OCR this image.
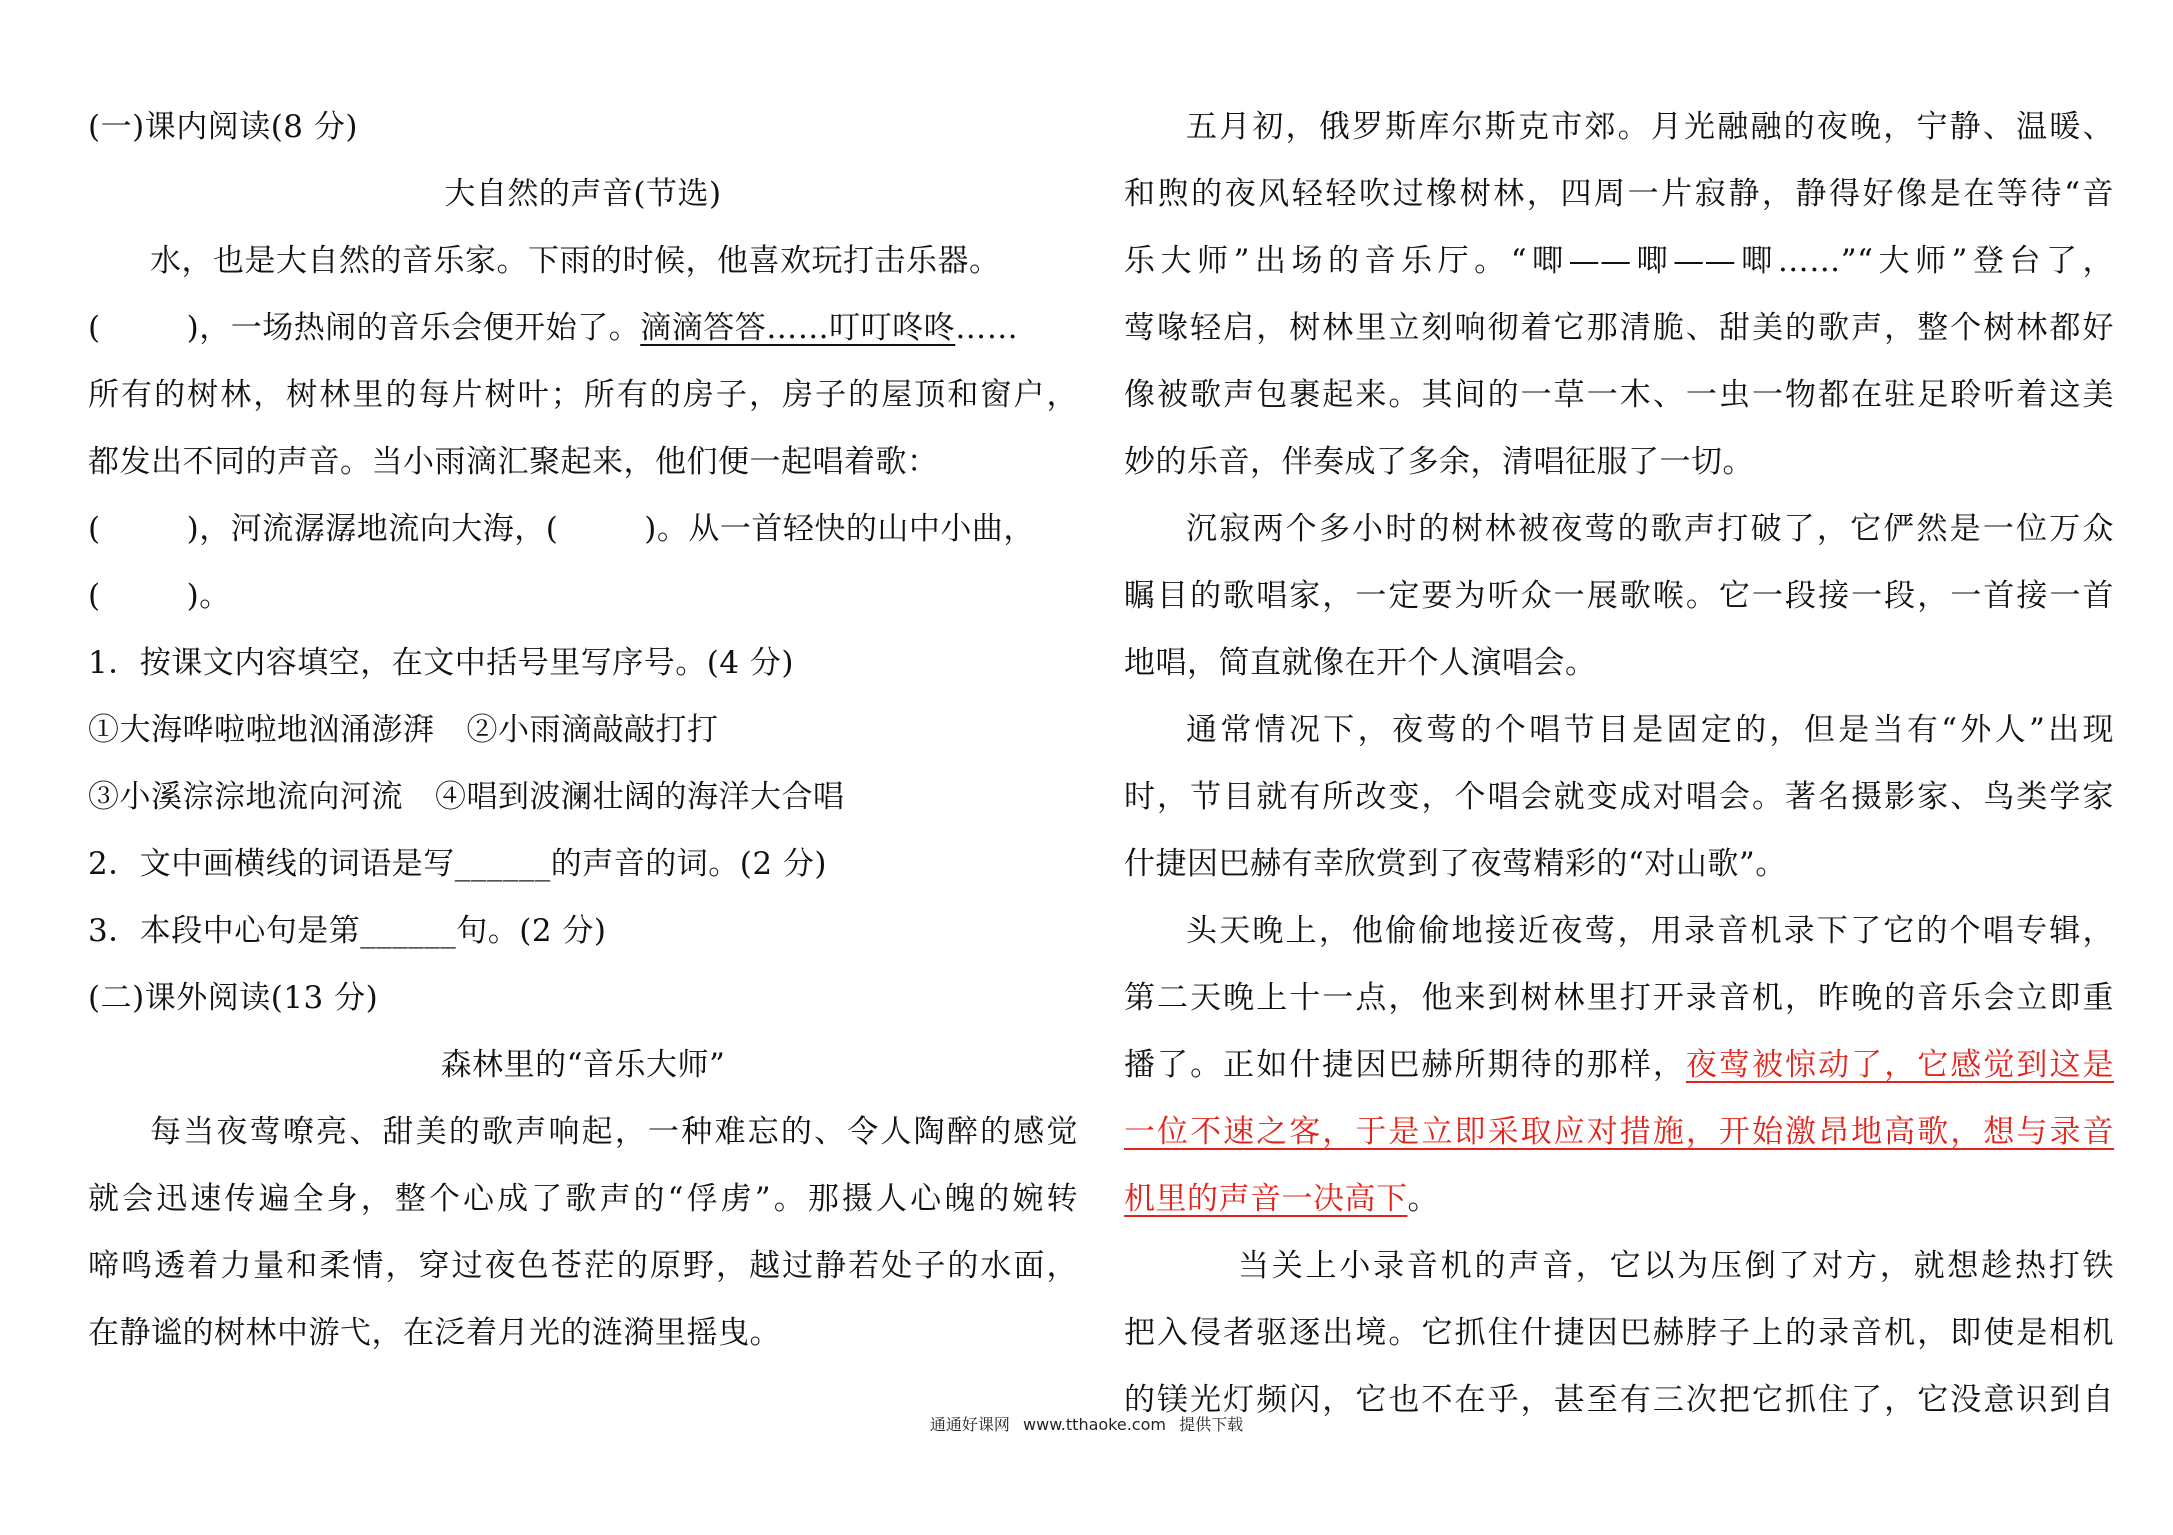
(一)课内阅读(8 分)
大自然的声音(节选)
水，也是大自然的音乐家。下雨的时候，他喜欢玩打击乐器。
(	)，一场热闹的音乐会便开始了。滴滴答答……叮叮咚咚……
所有的树林，树林里的每片树叶；所有的房子，房子的屋顶和窗户，
都发出不同的声音。当小雨滴汇聚起来，他们便一起唱着歌：
(	)，河流潺潺地流向大海，(	)。从一首轻快的山中小曲，
(	)。
1．按课文内容填空，在文中括号里写序号。(4 分)
①大海哗啦啦地汹涌澎湃 ②小雨滴敲敲打打
③小溪淙淙地流向河流 ④唱到波澜壮阔的海洋大合唱
2．文中画横线的词语是写______的声音的词。(2 分)
3．本段中心句是第______句。(2 分)
(二)课外阅读(13 分)
森林里的“音乐大师”
每当夜莺嘹亮、甜美的歌声响起，一种难忘的、令人陶醉的感觉
就会迅速传遍全身，整个心成了歌声的“俘虏”。那摄人心魄的婉转
啼鸣透着力量和柔情，穿过夜色苍茫的原野，越过静若处子的水面，
在静谧的树林中游弋，在泛着月光的涟漪里摇曳。
五月初，俄罗斯库尔斯克市郊。月光融融的夜晚，宁静、温暖、
和煦的夜风轻轻吹过橡树林，四周一片寂静，静得好像是在等待“音
乐大师”出场的音乐厅。“唧——唧——唧……”“大师”登台了，
莺喙轻启，树林里立刻响彻着它那清脆、甜美的歌声，整个树林都好
像被歌声包裹起来。其间的一草一木、一虫一物都在驻足聆听着这美
妙的乐音，伴奏成了多余，清唱征服了一切。
沉寂两个多小时的树林被夜莺的歌声打破了，它俨然是一位万众
瞩目的歌唱家，一定要为听众一展歌喉。它一段接一段，一首接一首
地唱，简直就像在开个人演唱会。
通常情况下，夜莺的个唱节目是固定的，但是当有“外人”出现
时，节目就有所改变，个唱会就变成对唱会。著名摄影家、鸟类学家
什捷因巴赫有幸欣赏到了夜莺精彩的“对山歌”。
头天晚上，他偷偷地接近夜莺，用录音机录下了它的个唱专辑，
第二天晚上十一点，他来到树林里打开录音机，昨晚的音乐会立即重
播了。正如什捷因巴赫所期待的那样，夜莺被惊动了，它感觉到这是
一位不速之客，于是立即采取应对措施，开始激昂地高歌，想与录音
机里的声音一决高下。
当关上小录音机的声音，它以为压倒了对方，就想趁热打铁
把入侵者驱逐出境。它抓住什捷因巴赫脖子上的录音机，即使是相机
的镁光灯频闪，它也不在乎，甚至有三次把它抓住了，它没意识到自
通通好课网 www.tthaoke.com 提供下载
